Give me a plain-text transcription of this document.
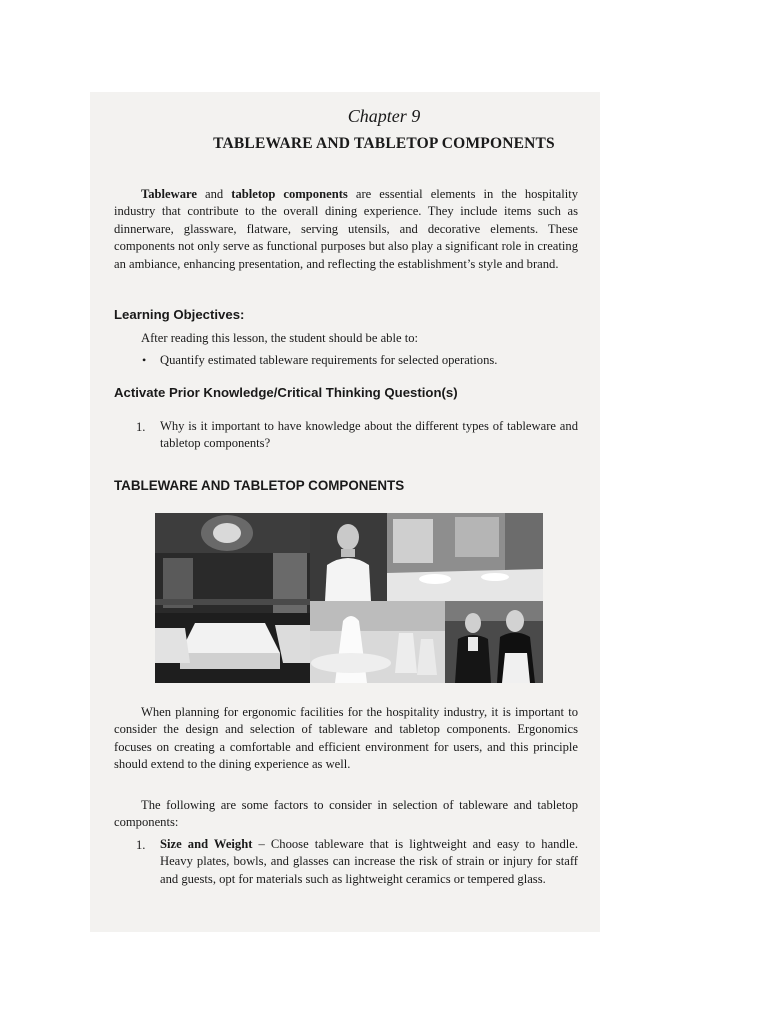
Chapter 9
TABLEWARE AND TABLETOP COMPONENTS
Tableware and tabletop components are essential elements in the hospitality industry that contribute to the overall dining experience. They include items such as dinnerware, glassware, flatware, serving utensils, and decorative elements. These components not only serve as functional purposes but also play a significant role in creating an ambiance, enhancing presentation, and reflecting the establishment’s style and brand.
Learning Objectives:
After reading this lesson, the student should be able to:
• Quantify estimated tableware requirements for selected operations.
Activate Prior Knowledge/Critical Thinking Question(s)
1. Why is it important to have knowledge about the different types of tableware and tabletop components?
TABLEWARE AND TABLETOP COMPONENTS
When planning for ergonomic facilities for the hospitality industry, it is important to consider the design and selection of tableware and tabletop components. Ergonomics focuses on creating a comfortable and efficient environment for users, and this principle should extend to the dining experience as well.
The following are some factors to consider in selection of tableware and tabletop components:
1. Size and Weight – Choose tableware that is lightweight and easy to handle. Heavy plates, bowls, and glasses can increase the risk of strain or injury for staff and guests, opt for materials such as lightweight ceramics or tempered glass.
